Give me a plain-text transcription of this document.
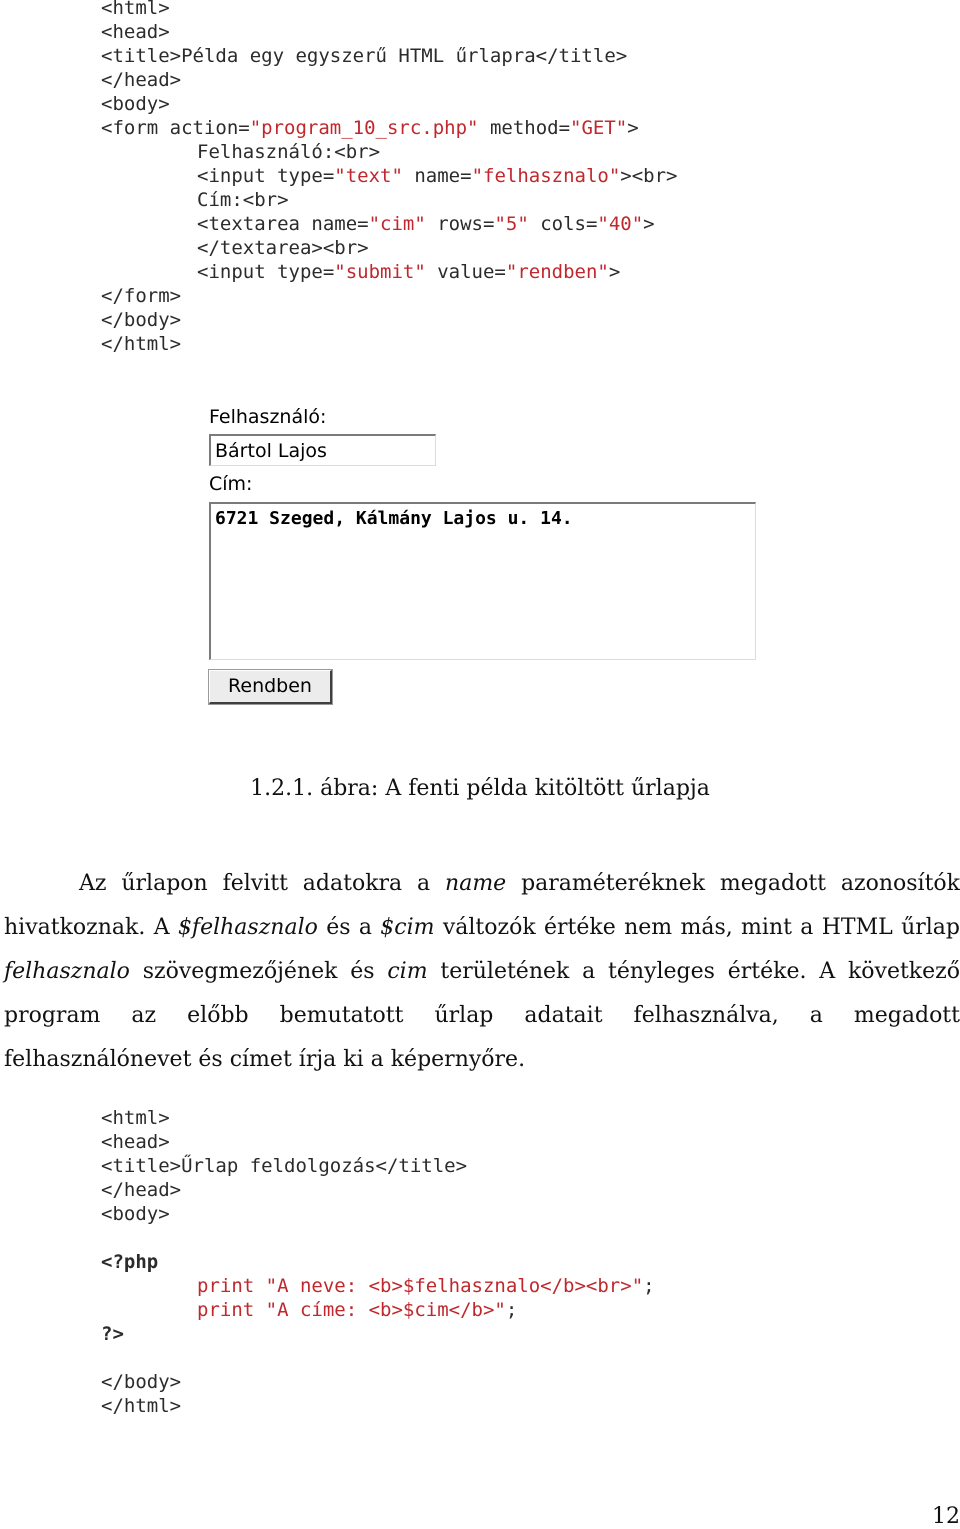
<html>
<head>
<title>Példa egy egyszerű HTML űrlapra</title>
</head>
<body>
<form action="program_10_src.php" method="GET">
Felhasználó:<br>
<input type="text" name="felhasznalo"><br>
Cím:<br>
<textarea name="cim" rows="5" cols="40">
</textarea><br>
<input type="submit" value="rendben">
</form>
</body>
</html>
Felhasználó:
Bártol Lajos
Cím:
6721 Szeged, Kálmány Lajos u. 14.
Rendben
1.2.1. ábra: A fenti példa kitöltött űrlapja

Az űrlapon felvitt adatokra a name paraméteréknek megadott azonosítók hivatkoznak. A $felhasznalo és a $cim változók értéke nem más, mint a HTML űrlap felhasznalo szövegmezőjének és cim területének a tényleges értéke. A következő program az előbb bemutatott űrlap adatait felhasználva, a megadott felhasználónevet és címet írja ki a képernyőre.

<html>
<head>
<title>Űrlap feldolgozás</title>
</head>
<body>

<?php
print "A neve: <b>$felhasznalo</b><br>";
print "A címe: <b>$cim</b>";
?>

</body>
</html>
12
